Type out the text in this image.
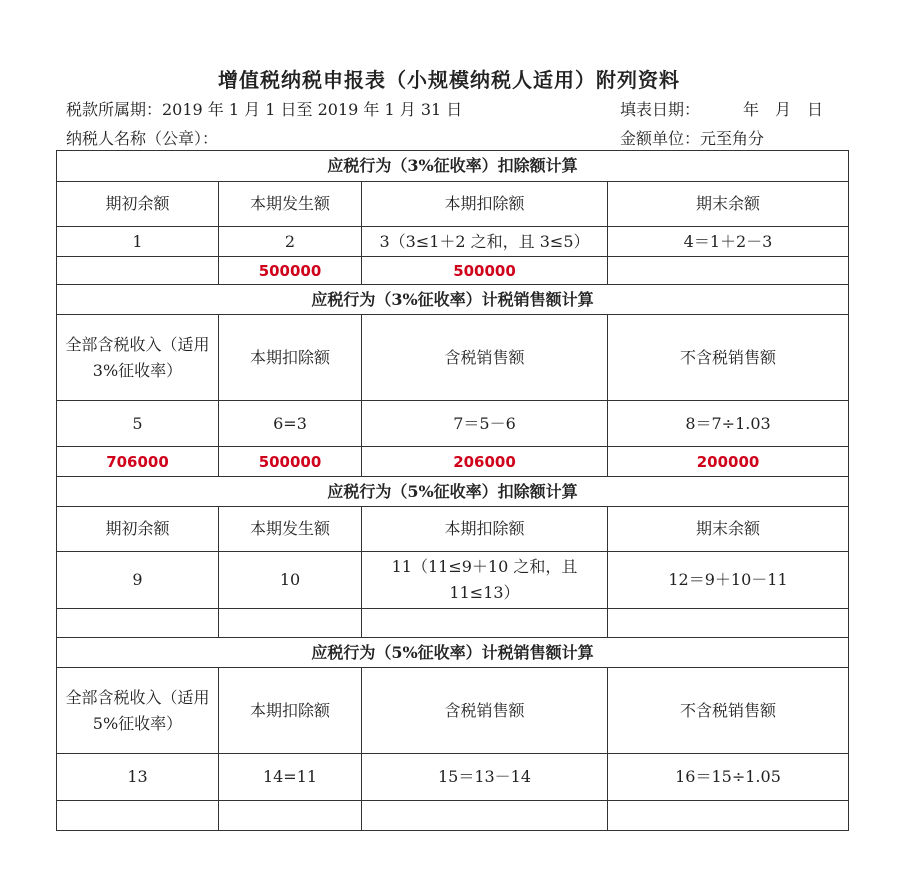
增值税纳税申报表（小规模纳税人适用）附列资料
税款所属期：2019 年 1 月 1 日至 2019 年 1 月 31 日	填表日期：	年　月　日
纳税人名称（公章）：	金额单位：元至角分
应税行为（3%征收率）扣除额计算			
期初余额	本期发生额	本期扣除额	期末余额
1	2	3（3≤1＋2 之和，且 3≤5）	4＝1＋2－3
	500000	500000	
应税行为（3%征收率）计税销售额计算			
全部含税收入（适用 3%征收率）	本期扣除额	含税销售额	不含税销售额
5	6=3	7＝5－6	8＝7÷1.03
706000	500000	206000	200000
应税行为（5%征收率）扣除额计算			
期初余额	本期发生额	本期扣除额	期末余额
9	10	11（11≤9＋10 之和，且 11≤13）	12＝9＋10－11

应税行为（5%征收率）计税销售额计算			
全部含税收入（适用 5%征收率）	本期扣除额	含税销售额	不含税销售额
13	14=11	15＝13－14	16＝15÷1.05
